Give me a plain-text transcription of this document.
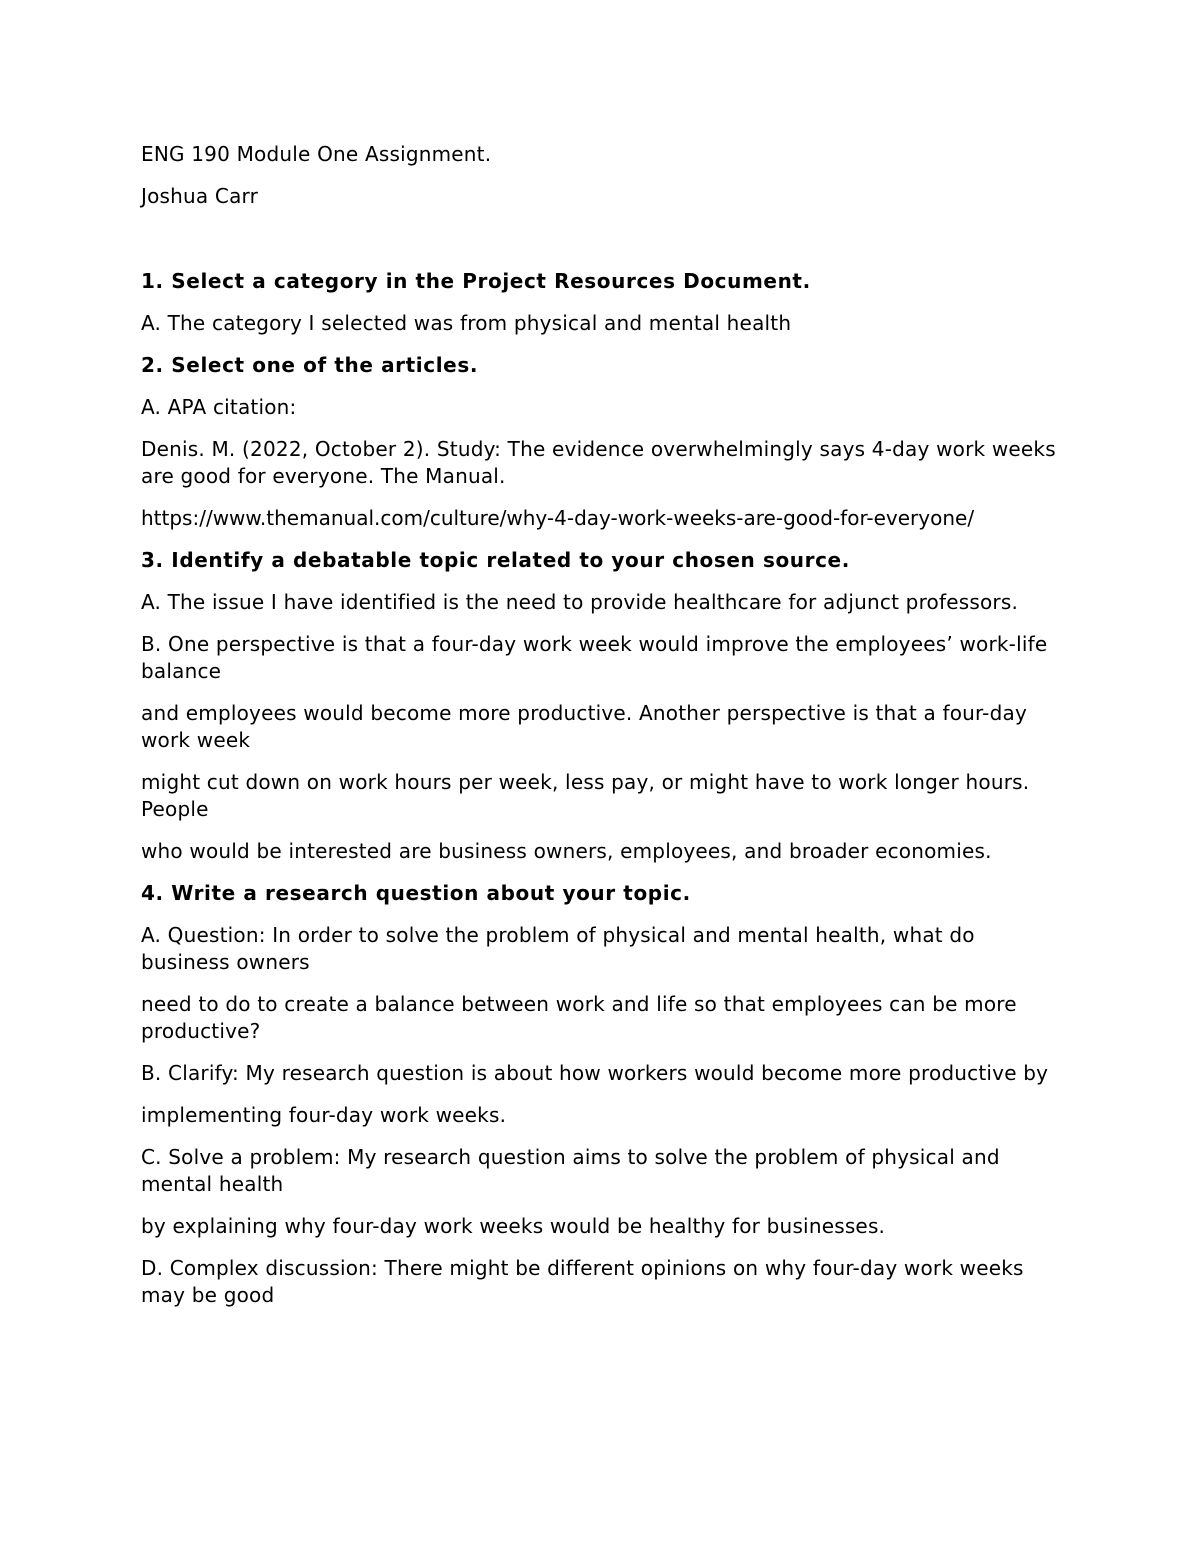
ENG 190 Module One Assignment.

Joshua Carr

1. Select a category in the Project Resources Document.

A. The category I selected was from physical and mental health

2. Select one of the articles.

A. APA citation:

Denis. M. (2022, October 2). Study: The evidence overwhelmingly says 4-day work weeks are good for everyone. The Manual.

https://www.themanual.com/culture/why-4-day-work-weeks-are-good-for-everyone/

3. Identify a debatable topic related to your chosen source.

A. The issue I have identified is the need to provide healthcare for adjunct professors.

B. One perspective is that a four-day work week would improve the employees’ work-life balance

and employees would become more productive. Another perspective is that a four-day work week

might cut down on work hours per week, less pay, or might have to work longer hours. People

who would be interested are business owners, employees, and broader economies.

4. Write a research question about your topic.

A. Question: In order to solve the problem of physical and mental health, what do business owners

need to do to create a balance between work and life so that employees can be more productive?

B. Clarify: My research question is about how workers would become more productive by

implementing four-day work weeks.

C. Solve a problem: My research question aims to solve the problem of physical and mental health

by explaining why four-day work weeks would be healthy for businesses.

D. Complex discussion: There might be different opinions on why four-day work weeks may be good
